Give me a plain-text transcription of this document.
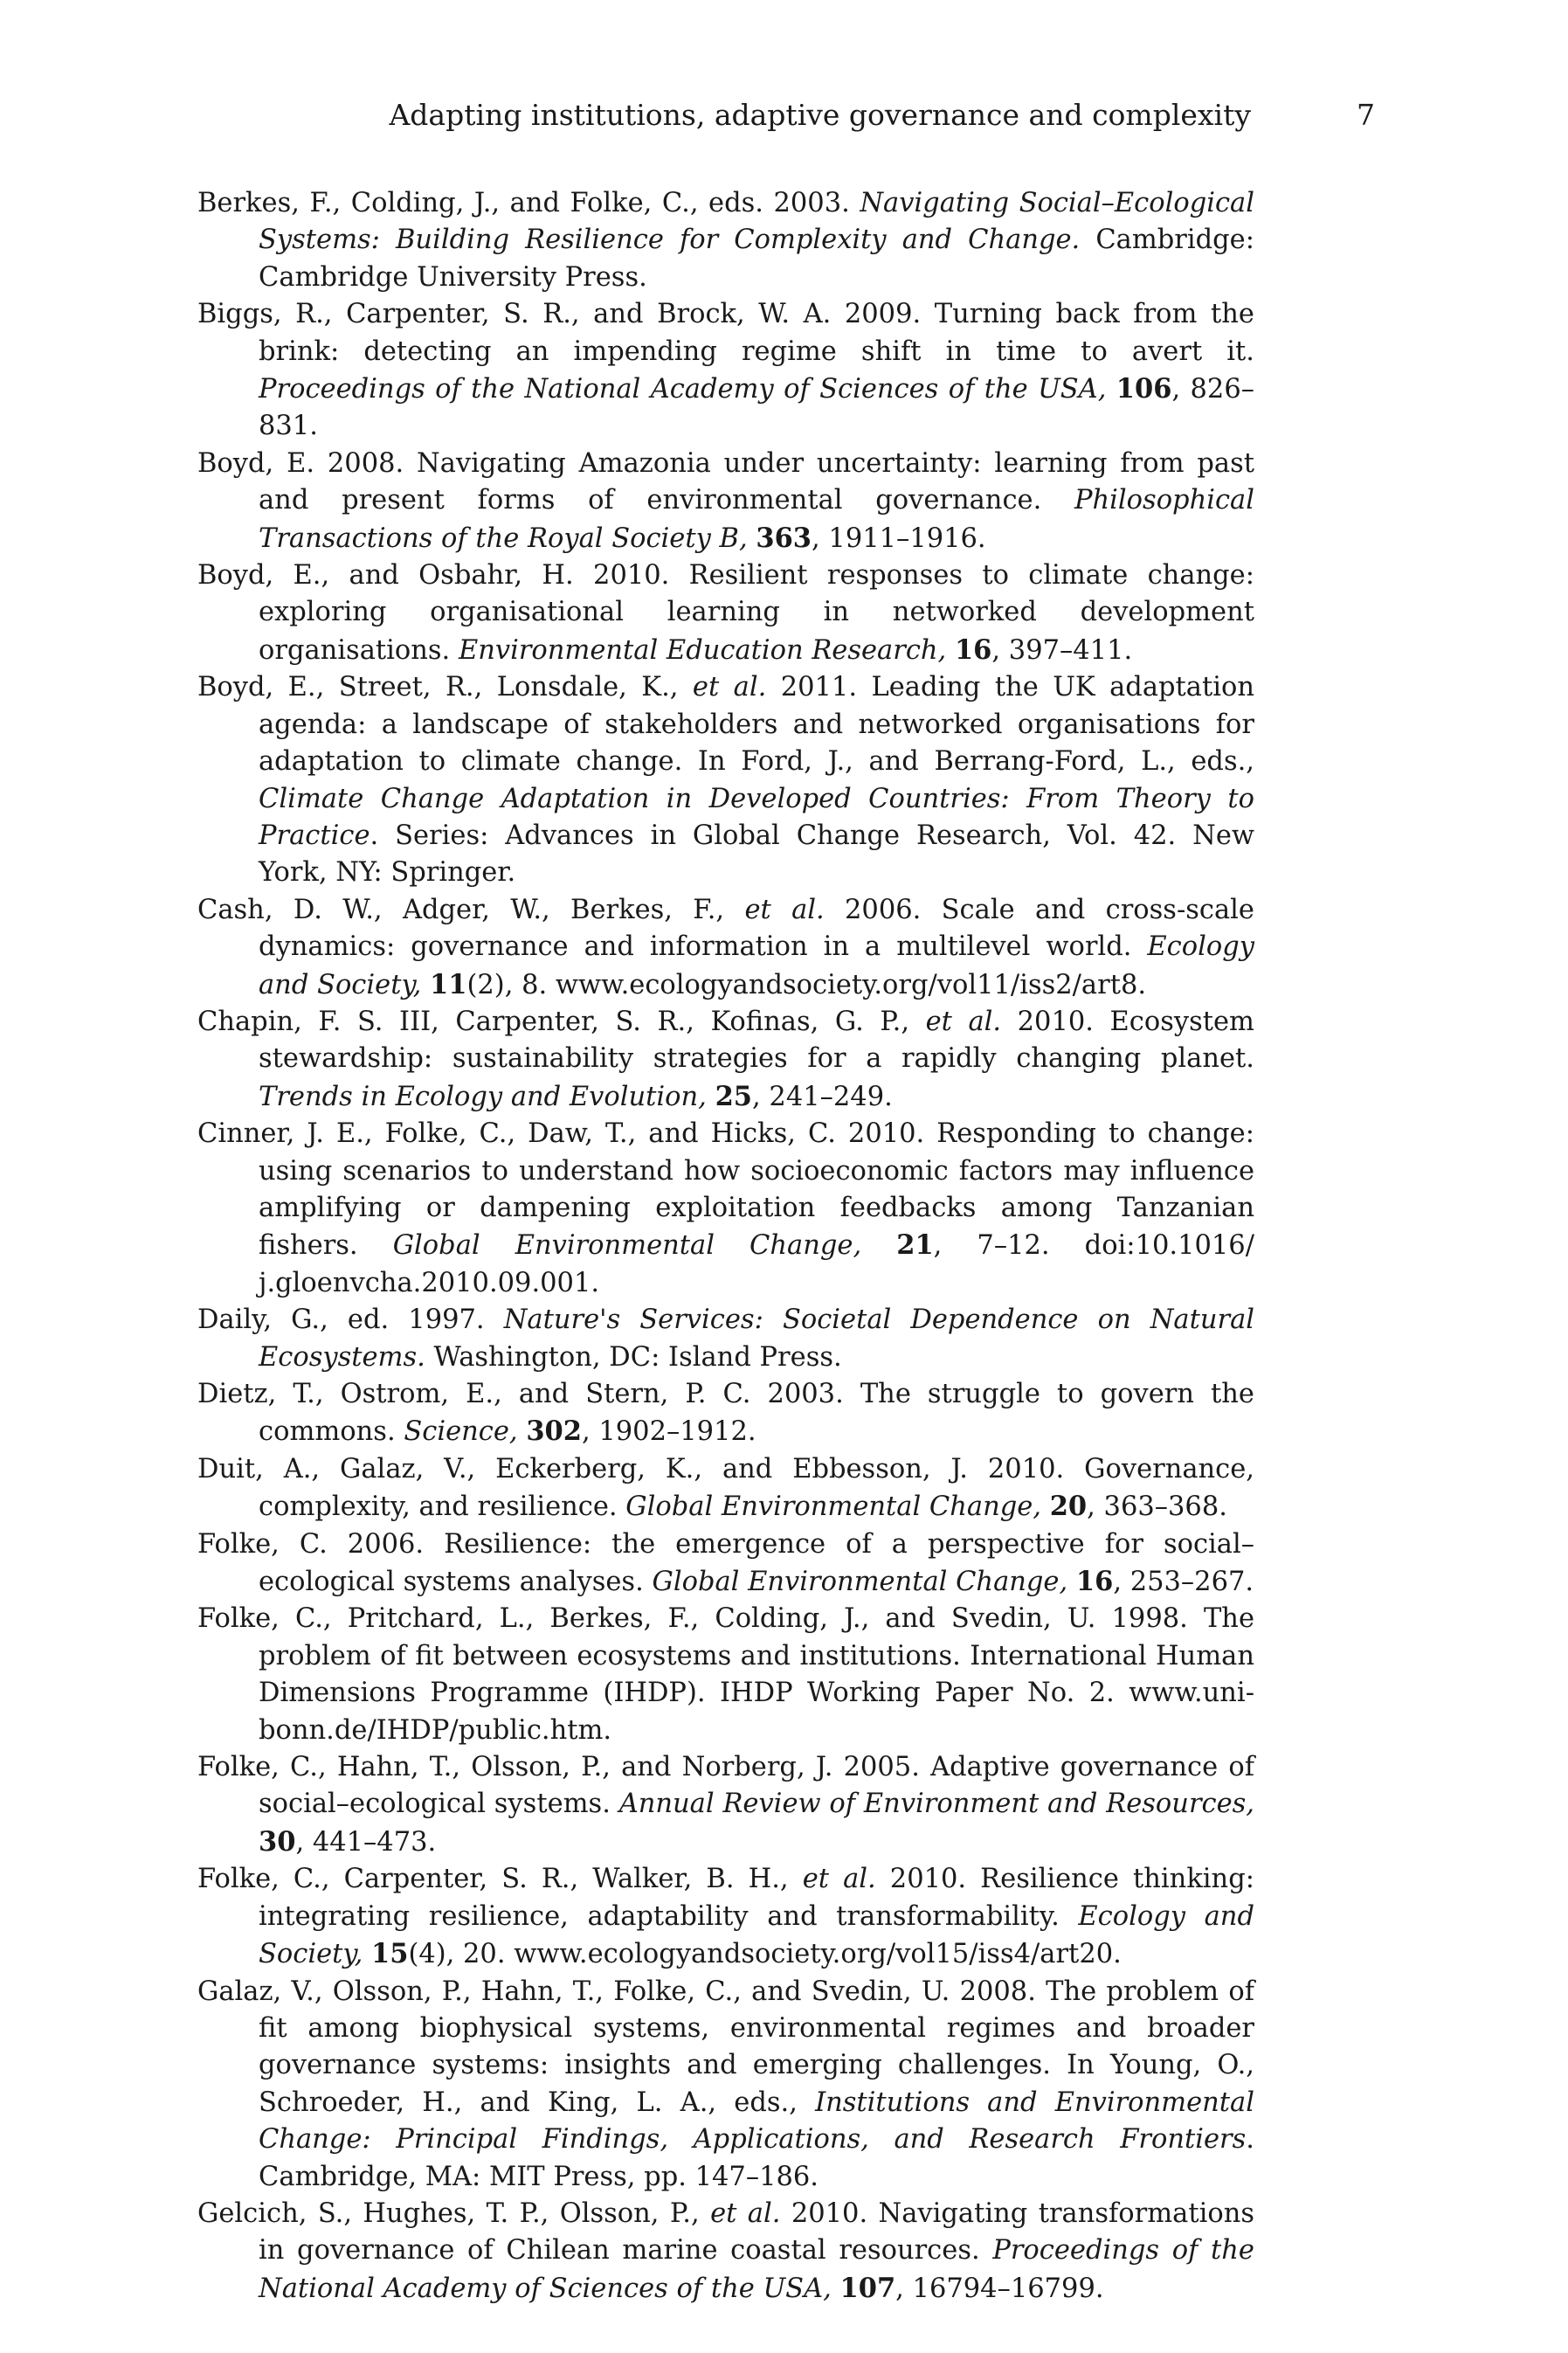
Adapting institutions, adaptive governance and complexity	7
Berkes, F., Colding, J., and Folke, C., eds. 2003. Navigating Social–Ecological Systems: Building Resilience for Complexity and Change. Cambridge: Cambridge University Press.
Biggs, R., Carpenter, S. R., and Brock, W. A. 2009. Turning back from the brink: detecting an impending regime shift in time to avert it. Proceedings of the National Academy of Sciences of the USA, 106, 826–831.
Boyd, E. 2008. Navigating Amazonia under uncertainty: learning from past and present forms of environmental governance. Philosophical Transactions of the Royal Society B, 363, 1911–1916.
Boyd, E., and Osbahr, H. 2010. Resilient responses to climate change: exploring organisational learning in networked development organisations. Environmental Education Research, 16, 397–411.
Boyd, E., Street, R., Lonsdale, K., et al. 2011. Leading the UK adaptation agenda: a landscape of stakeholders and networked organisations for adaptation to climate change. In Ford, J., and Berrang-Ford, L., eds., Climate Change Adaptation in Developed Countries: From Theory to Practice. Series: Advances in Global Change Research, Vol. 42. New York, NY: Springer.
Cash, D. W., Adger, W., Berkes, F., et al. 2006. Scale and cross-scale dynamics: governance and information in a multilevel world. Ecology and Society, 11(2), 8. www.ecologyandsociety.org/vol11/iss2/art8.
Chapin, F. S. III, Carpenter, S. R., Kofinas, G. P., et al. 2010. Ecosystem stewardship: sustainability strategies for a rapidly changing planet. Trends in Ecology and Evolution, 25, 241–249.
Cinner, J. E., Folke, C., Daw, T., and Hicks, C. 2010. Responding to change: using scenarios to understand how socioeconomic factors may influence amplifying or dampening exploitation feedbacks among Tanzanian fishers. Global Environmental Change, 21, 7–12. doi:10.1016/ j.gloenvcha.2010.09.001.
Daily, G., ed. 1997. Nature's Services: Societal Dependence on Natural Ecosystems. Washington, DC: Island Press.
Dietz, T., Ostrom, E., and Stern, P. C. 2003. The struggle to govern the commons. Science, 302, 1902–1912.
Duit, A., Galaz, V., Eckerberg, K., and Ebbesson, J. 2010. Governance, complexity, and resilience. Global Environmental Change, 20, 363–368.
Folke, C. 2006. Resilience: the emergence of a perspective for social–ecological systems analyses. Global Environmental Change, 16, 253–267.
Folke, C., Pritchard, L., Berkes, F., Colding, J., and Svedin, U. 1998. The problem of fit between ecosystems and institutions. International Human Dimensions Programme (IHDP). IHDP Working Paper No. 2. www.uni-bonn.de/IHDP/public.htm.
Folke, C., Hahn, T., Olsson, P., and Norberg, J. 2005. Adaptive governance of social–ecological systems. Annual Review of Environment and Resources, 30, 441–473.
Folke, C., Carpenter, S. R., Walker, B. H., et al. 2010. Resilience thinking: integrating resilience, adaptability and transformability. Ecology and Society, 15(4), 20. www.ecologyandsociety.org/vol15/iss4/art20.
Galaz, V., Olsson, P., Hahn, T., Folke, C., and Svedin, U. 2008. The problem of fit among biophysical systems, environmental regimes and broader governance systems: insights and emerging challenges. In Young, O., Schroeder, H., and King, L. A., eds., Institutions and Environmental Change: Principal Findings, Applications, and Research Frontiers. Cambridge, MA: MIT Press, pp. 147–186.
Gelcich, S., Hughes, T. P., Olsson, P., et al. 2010. Navigating transformations in governance of Chilean marine coastal resources. Proceedings of the National Academy of Sciences of the USA, 107, 16794–16799.
